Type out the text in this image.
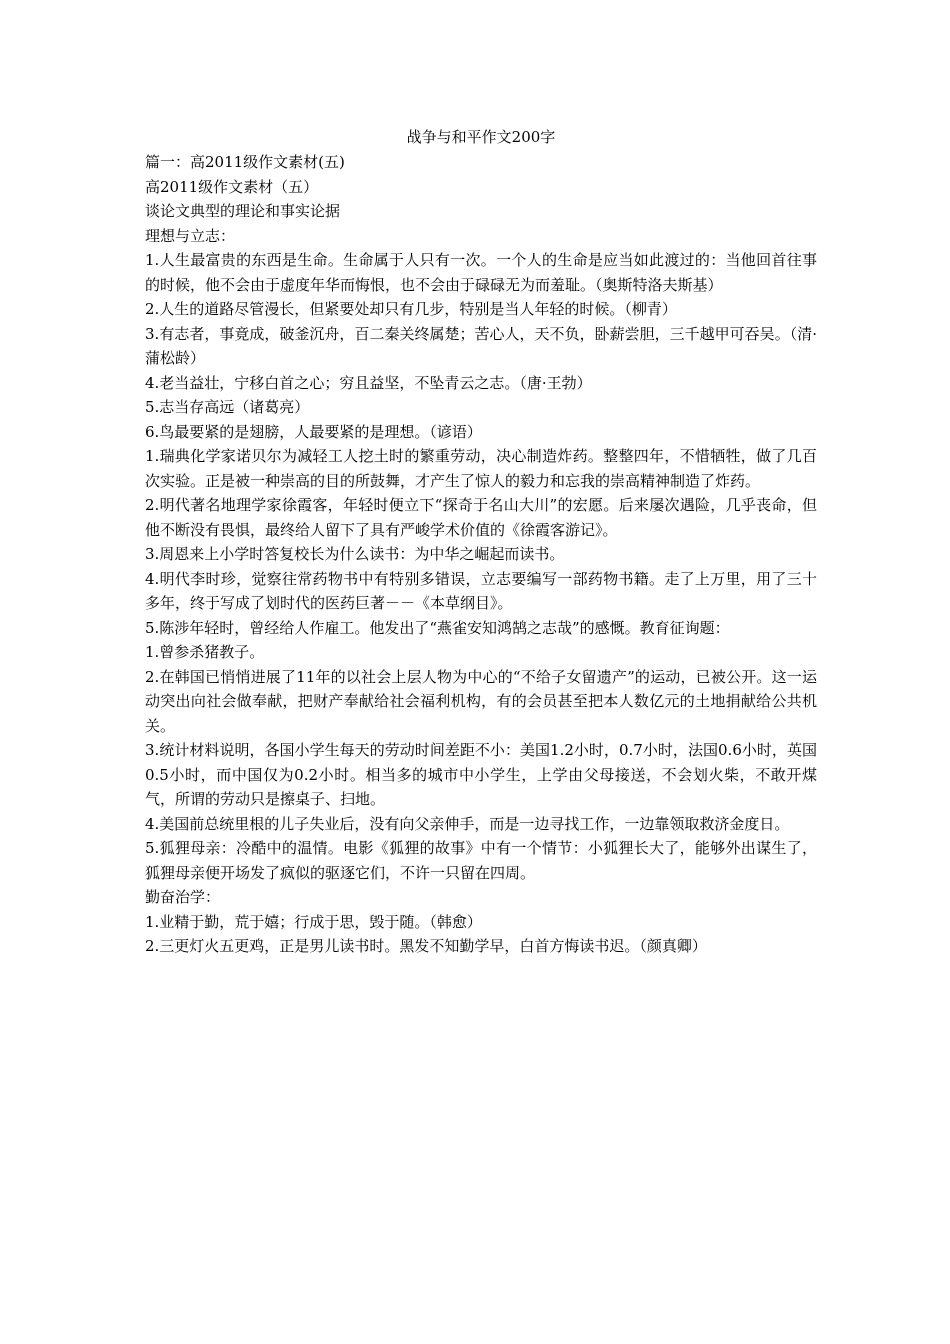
战争与和平作文200字

篇一：高2011级作文素材(五)

高2011级作文素材（五）

谈论文典型的理论和事实论据

理想与立志：

1.人生最富贵的东西是生命。生命属于人只有一次。一个人的生命是应当如此渡过的：当他回首往事的时候，他不会由于虚度年华而悔恨，也不会由于碌碌无为而羞耻。（奥斯特洛夫斯基）

2.人生的道路尽管漫长，但紧要处却只有几步，特别是当人年轻的时候。（柳青）

3.有志者，事竟成，破釜沉舟，百二秦关终属楚；苦心人，天不负，卧薪尝胆，三千越甲可吞吴。（清·蒲松龄）

4.老当益壮，宁移白首之心；穷且益坚，不坠青云之志。（唐·王勃）

5.志当存高远（诸葛亮）

6.鸟最要紧的是翅膀，人最要紧的是理想。（谚语）

1.瑞典化学家诺贝尔为减轻工人挖土时的繁重劳动，决心制造炸药。整整四年，不惜牺牲，做了几百次实验。正是被一种崇高的目的所鼓舞，才产生了惊人的毅力和忘我的崇高精神制造了炸药。

2.明代著名地理学家徐霞客，年轻时便立下“探奇于名山大川”的宏愿。后来屡次遇险，几乎丧命，但他不断没有畏惧，最终给人留下了具有严峻学术价值的《徐霞客游记》。

3.周恩来上小学时答复校长为什么读书：为中华之崛起而读书。

4.明代李时珍，觉察往常药物书中有特别多错误，立志要编写一部药物书籍。走了上万里，用了三十多年，终于写成了划时代的医药巨著－－《本草纲目》。

5.陈涉年轻时，曾经给人作雇工。他发出了“燕雀安知鸿鹄之志哉”的感慨。教育征询题：

1.曾参杀猪教子。

2.在韩国已悄悄进展了11年的以社会上层人物为中心的“不给子女留遗产”的运动，已被公开。这一运动突出向社会做奉献，把财产奉献给社会福利机构，有的会员甚至把本人数亿元的土地捐献给公共机关。

3.统计材料说明，各国小学生每天的劳动时间差距不小：美国1.2小时，0.7小时，法国0.6小时，英国0.5小时，而中国仅为0.2小时。相当多的城市中小学生，上学由父母接送，不会划火柴，不敢开煤气，所谓的劳动只是擦桌子、扫地。

4.美国前总统里根的儿子失业后，没有向父亲伸手，而是一边寻找工作，一边靠领取救济金度日。

5.狐狸母亲：冷酷中的温情。电影《狐狸的故事》中有一个情节：小狐狸长大了，能够外出谋生了，狐狸母亲便开场发了疯似的驱逐它们，不许一只留在四周。

勤奋治学：

1.业精于勤，荒于嬉；行成于思，毁于随。（韩愈）

2.三更灯火五更鸡，正是男儿读书时。黑发不知勤学早，白首方悔读书迟。（颜真卿）
